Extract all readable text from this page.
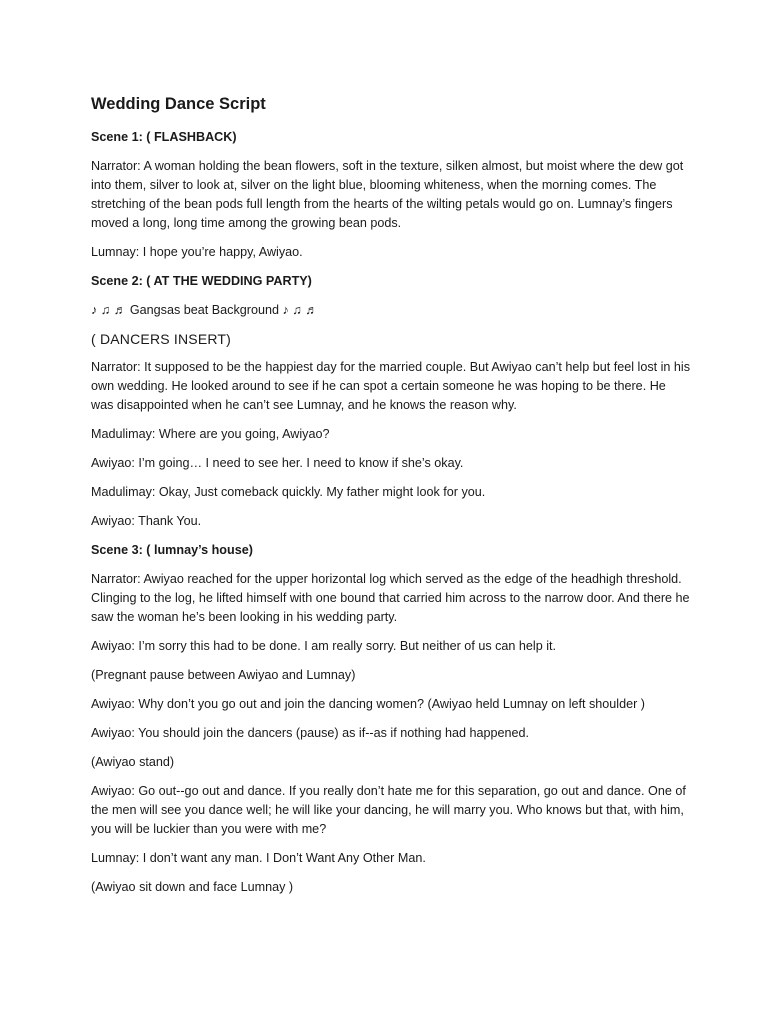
Wedding Dance Script
Scene 1: ( FLASHBACK)
Narrator: A woman holding the bean flowers, soft in the texture, silken almost, but moist where the dew got into them, silver to look at, silver on the light blue, blooming whiteness, when the morning comes. The stretching of the bean pods full length from the hearts of the wilting petals would go on. Lumnay’s fingers moved a long, long time among the growing bean pods.
Lumnay: I hope you’re happy, Awiyao.
Scene 2: ( AT THE WEDDING PARTY)
♪ ♫ ♬ Gangsas beat Background ♪ ♫ ♬
( DANCERS INSERT)
Narrator: It supposed to be the happiest day for the married couple. But Awiyao can’t help but feel lost in his own wedding. He looked around to see if he can spot a certain someone he was hoping to be there. He was disappointed when he can’t see Lumnay, and he knows the reason why.
Madulimay: Where are you going, Awiyao?
Awiyao: I’m going… I need to see her. I need to know if she’s okay.
Madulimay: Okay, Just comeback quickly. My father might look for you.
Awiyao: Thank You.
Scene 3: ( lumnay’s house)
Narrator: Awiyao reached for the upper horizontal log which served as the edge of the headhigh threshold. Clinging to the log, he lifted himself with one bound that carried him across to the narrow door. And there he saw the woman he’s been looking in his wedding party.
Awiyao: I’m sorry this had to be done. I am really sorry. But neither of us can help it.
(Pregnant pause between Awiyao and Lumnay)
Awiyao: Why don’t you go out and join the dancing women? (Awiyao held Lumnay on left shoulder )
Awiyao: You should join the dancers (pause) as if--as if nothing had happened.
(Awiyao stand)
Awiyao: Go out--go out and dance. If you really don’t hate me for this separation, go out and dance. One of the men will see you dance well; he will like your dancing, he will marry you. Who knows but that, with him, you will be luckier than you were with me?
Lumnay: I don’t want any man. I Don’t Want Any Other Man.
(Awiyao sit down and face Lumnay )
